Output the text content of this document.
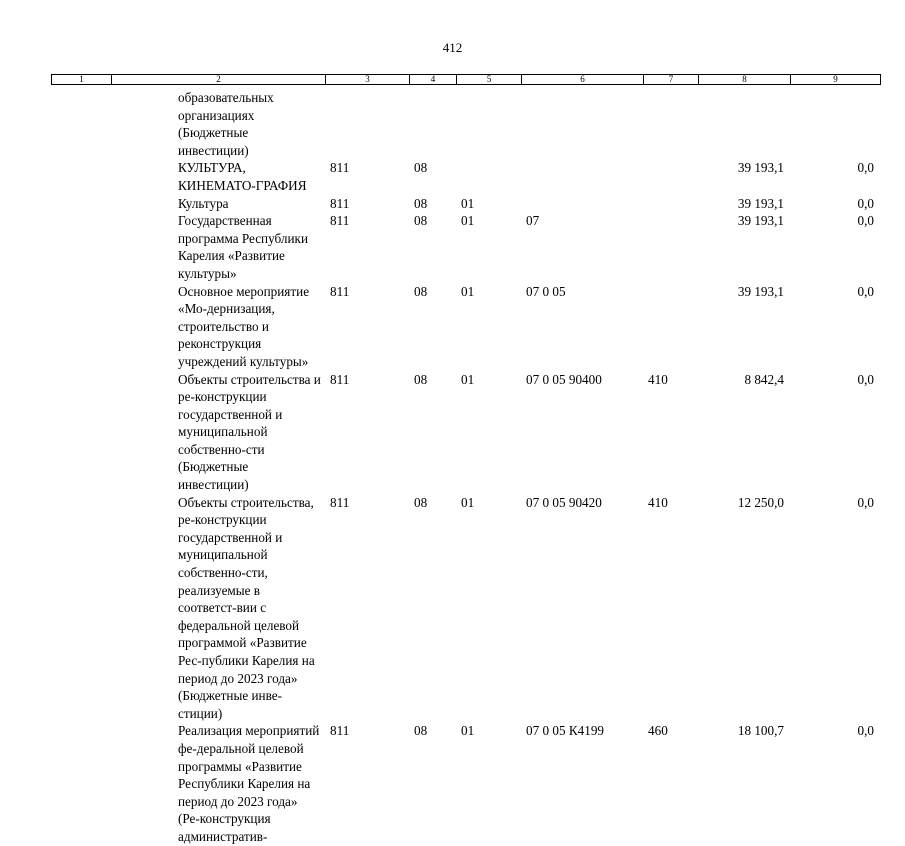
412
1	2	3	4	5	6	7	8	9
	образовательных организациях (Бюджетные инвестиции)							
	КУЛЬТУРА, КИНЕМАТО-ГРАФИЯ	811	08				39 193,1	0,0
	Культура	811	08	01			39 193,1	0,0
	Государственная программа Республики Карелия «Развитие культуры»	811	08	01	07		39 193,1	0,0
	Основное мероприятие «Мо-дернизация, строительство и реконструкция учреждений культуры»	811	08	01	07 0 05		39 193,1	0,0
	Объекты строительства и ре-конструкции государственной и муниципальной собственно-сти (Бюджетные инвестиции)	811	08	01	07 0 05 90400	410	8 842,4	0,0
	Объекты строительства, ре-конструкции государственной и муниципальной собственно-сти, реализуемые в соответст-вии с федеральной целевой программой «Развитие Рес-публики Карелия на период до 2023 года» (Бюджетные инве-стиции)	811	08	01	07 0 05 90420	410	12 250,0	0,0
	Реализация мероприятий фе-деральной целевой программы «Развитие Республики Карелия на период до 2023 года» (Ре-конструкция административ-	811	08	01	07 0 05 К4199	460	18 100,7	0,0
